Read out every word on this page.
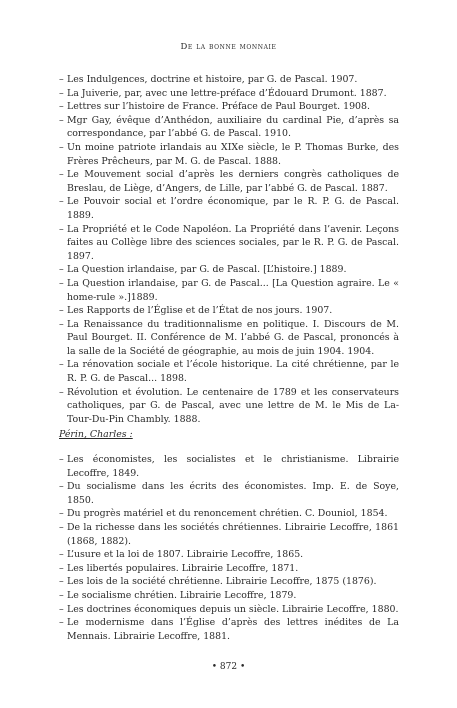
De la bonne monnaie

– Les Indulgences, doctrine et histoire, par G. de Pascal. 1907.

– La Juiverie, par, avec une lettre-préface d’Édouard Drumont. 1887.

– Lettres sur l’histoire de France. Préface de Paul Bourget. 1908.

– Mgr Gay, évêque d’Anthédon, auxiliaire du cardinal Pie, d’après sa correspondance, par l’abbé G. de Pascal. 1910.

– Un moine patriote irlandais au XIXe siècle, le P. Thomas Burke, des Frères Prêcheurs, par M. G. de Pascal. 1888.

– Le Mouvement social d’après les derniers congrès catholiques de Breslau, de Liège, d’Angers, de Lille, par l’abbé G. de Pascal. 1887.

– Le Pouvoir social et l’ordre économique, par le R. P. G. de Pascal. 1889.

– La Propriété et le Code Napoléon. La Propriété dans l’avenir. Leçons faites au Collège libre des sciences sociales, par le R. P. G. de Pascal. 1897.

– La Question irlandaise, par G. de Pascal. [L’histoire.] 1889.

– La Question irlandaise, par G. de Pascal... [La Question agraire. Le « home-rule ».]1889.

– Les Rapports de l’Église et de l’État de nos jours. 1907.

– La Renaissance du traditionnalisme en politique. I. Discours de M. Paul Bourget. II. Conférence de M. l’abbé G. de Pascal, prononcés à la salle de la Société de géographie, au mois de juin 1904. 1904.

– La rénovation sociale et l’école historique. La cité chrétienne, par le R. P. G. de Pascal... 1898.

– Révolution et évolution. Le centenaire de 1789 et les conservateurs catholiques, par G. de Pascal, avec une lettre de M. le Mis de La-Tour-Du-Pin Chambly. 1888.

Périn, Charles :

– Les économistes, les socialistes et le christianisme. Librairie Lecoffre, 1849.

– Du socialisme dans les écrits des économistes. Imp. E. de Soye, 1850.

– Du progrès matériel et du renoncement chrétien. C. Douniol, 1854.

– De la richesse dans les sociétés chrétiennes. Librairie Lecoffre, 1861 (1868, 1882).

– L’usure et la loi de 1807. Librairie Lecoffre, 1865.

– Les libertés populaires. Librairie Lecoffre, 1871.

– Les lois de la société chrétienne. Librairie Lecoffre, 1875 (1876).

– Le socialisme chrétien. Librairie Lecoffre, 1879.

– Les doctrines économiques depuis un siècle. Librairie Lecoffre, 1880.

– Le modernisme dans l’Église d’après des lettres inédites de La Mennais. Librairie Lecoffre, 1881.

• 872 •
